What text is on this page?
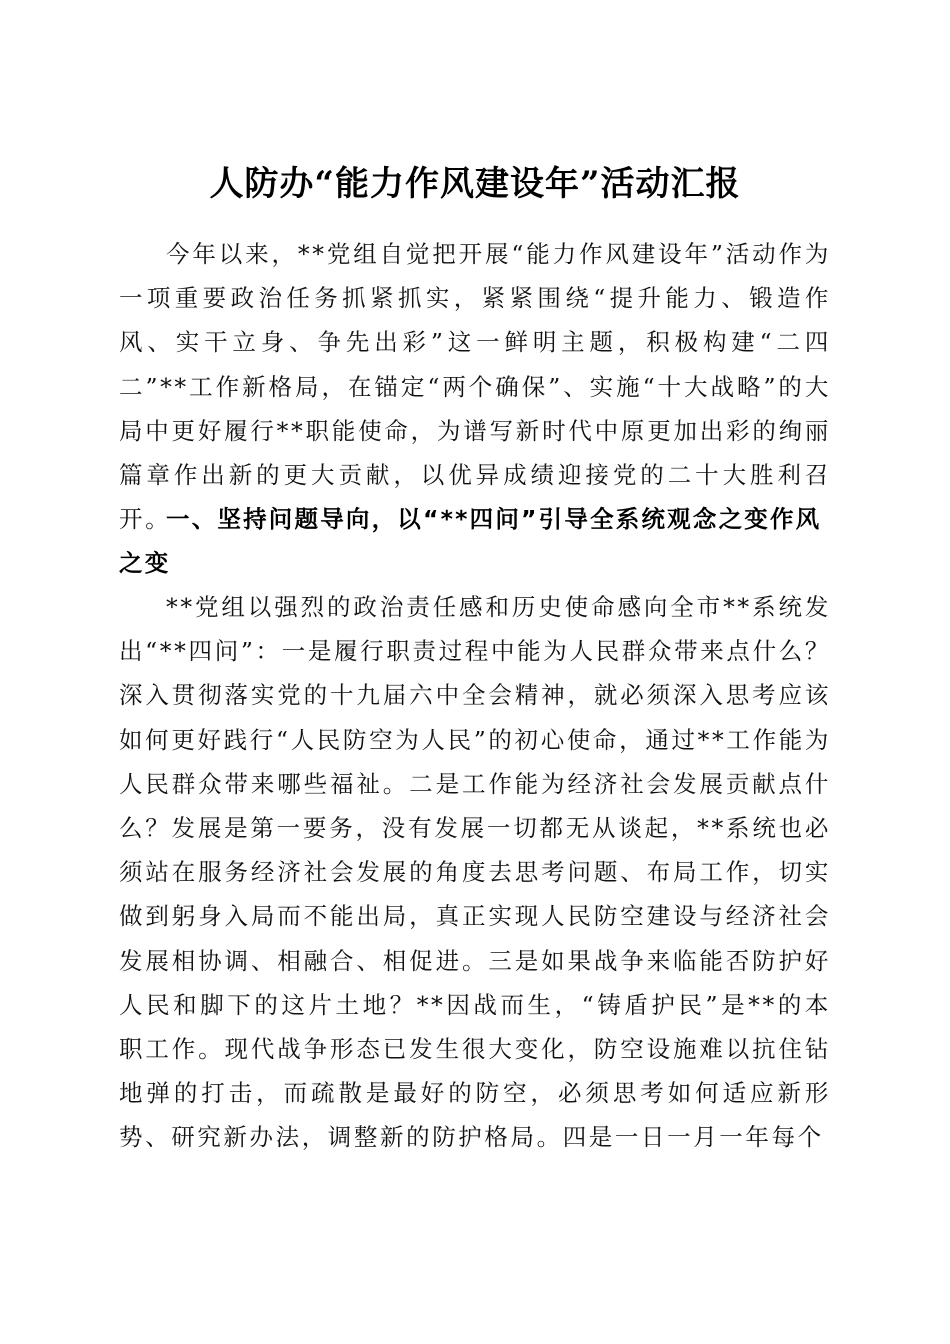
人防办“能力作风建设年”活动汇报

今年以来，**党组自觉把开展“能力作风建设年”活动作为一项重要政治任务抓紧抓实，紧紧围绕“提升能力、锻造作风、实干立身、争先出彩”这一鲜明主题，积极构建“二四二”**工作新格局，在锚定“两个确保”、实施“十大战略”的大局中更好履行**职能使命，为谱写新时代中原更加出彩的绚丽篇章作出新的更大贡献，以优异成绩迎接党的二十大胜利召开。

一、坚持问题导向，以“**四问”引导全系统观念之变作风之变

**党组以强烈的政治责任感和历史使命感向全市**系统发出“**四问”：一是履行职责过程中能为人民群众带来点什么？深入贯彻落实党的十九届六中全会精神，就必须深入思考应该如何更好践行“人民防空为人民”的初心使命，通过**工作能为人民群众带来哪些福祉。二是工作能为经济社会发展贡献点什么？发展是第一要务，没有发展一切都无从谈起，**系统也必须站在服务经济社会发展的角度去思考问题、布局工作，切实做到躬身入局而不能出局，真正实现人民防空建设与经济社会发展相协调、相融合、相促进。三是如果战争来临能否防护好人民和脚下的这片土地？**因战而生，“铸盾护民”是**的本职工作。现代战争形态已发生很大变化，防空设施难以抗住钻地弹的打击，而疏散是最好的防空，必须思考如何适应新形势、研究新办法，调整新的防护格局。四是一日一月一年每个
